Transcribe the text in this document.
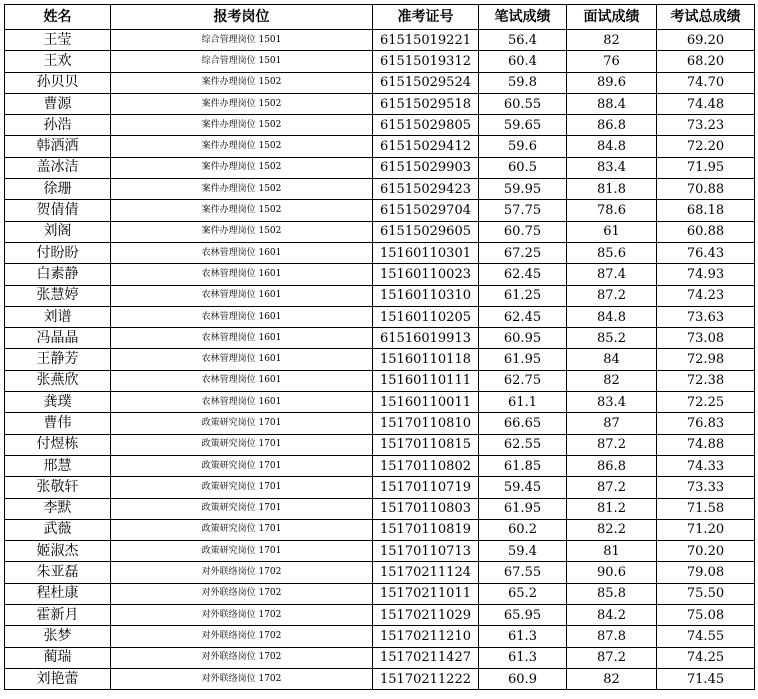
姓名	报考岗位	准考证号	笔试成绩	面试成绩	考试总成绩
王莹	综合管理岗位 1501	61515019221	56.4	82	69.20
王欢	综合管理岗位 1501	61515019312	60.4	76	68.20
孙贝贝	案件办理岗位 1502	61515029524	59.8	89.6	74.70
曹源	案件办理岗位 1502	61515029518	60.55	88.4	74.48
孙浩	案件办理岗位 1502	61515029805	59.65	86.8	73.23
韩洒洒	案件办理岗位 1502	61515029412	59.6	84.8	72.20
盖冰洁	案件办理岗位 1502	61515029903	60.5	83.4	71.95
徐珊	案件办理岗位 1502	61515029423	59.95	81.8	70.88
贺倩倩	案件办理岗位 1502	61515029704	57.75	78.6	68.18
刘阁	案件办理岗位 1502	61515029605	60.75	61	60.88
付盼盼	农林管理岗位 1601	15160110301	67.25	85.6	76.43
白素静	农林管理岗位 1601	15160110023	62.45	87.4	74.93
张慧婷	农林管理岗位 1601	15160110310	61.25	87.2	74.23
刘谱	农林管理岗位 1601	15160110205	62.45	84.8	73.63
冯晶晶	农林管理岗位 1601	61516019913	60.95	85.2	73.08
王静芳	农林管理岗位 1601	15160110118	61.95	84	72.98
张燕欣	农林管理岗位 1601	15160110111	62.75	82	72.38
龚璞	农林管理岗位 1601	15160110011	61.1	83.4	72.25
曹伟	政策研究岗位 1701	15170110810	66.65	87	76.83
付煜栋	政策研究岗位 1701	15170110815	62.55	87.2	74.88
邢慧	政策研究岗位 1701	15170110802	61.85	86.8	74.33
张敬轩	政策研究岗位 1701	15170110719	59.45	87.2	73.33
李默	政策研究岗位 1701	15170110803	61.95	81.2	71.58
武薇	政策研究岗位 1701	15170110819	60.2	82.2	71.20
姬淑杰	政策研究岗位 1701	15170110713	59.4	81	70.20
朱亚磊	对外联络岗位 1702	15170211124	67.55	90.6	79.08
程杜康	对外联络岗位 1702	15170211011	65.2	85.8	75.50
霍新月	对外联络岗位 1702	15170211029	65.95	84.2	75.08
张梦	对外联络岗位 1702	15170211210	61.3	87.8	74.55
蔺瑞	对外联络岗位 1702	15170211427	61.3	87.2	74.25
刘艳蕾	对外联络岗位 1702	15170211222	60.9	82	71.45
